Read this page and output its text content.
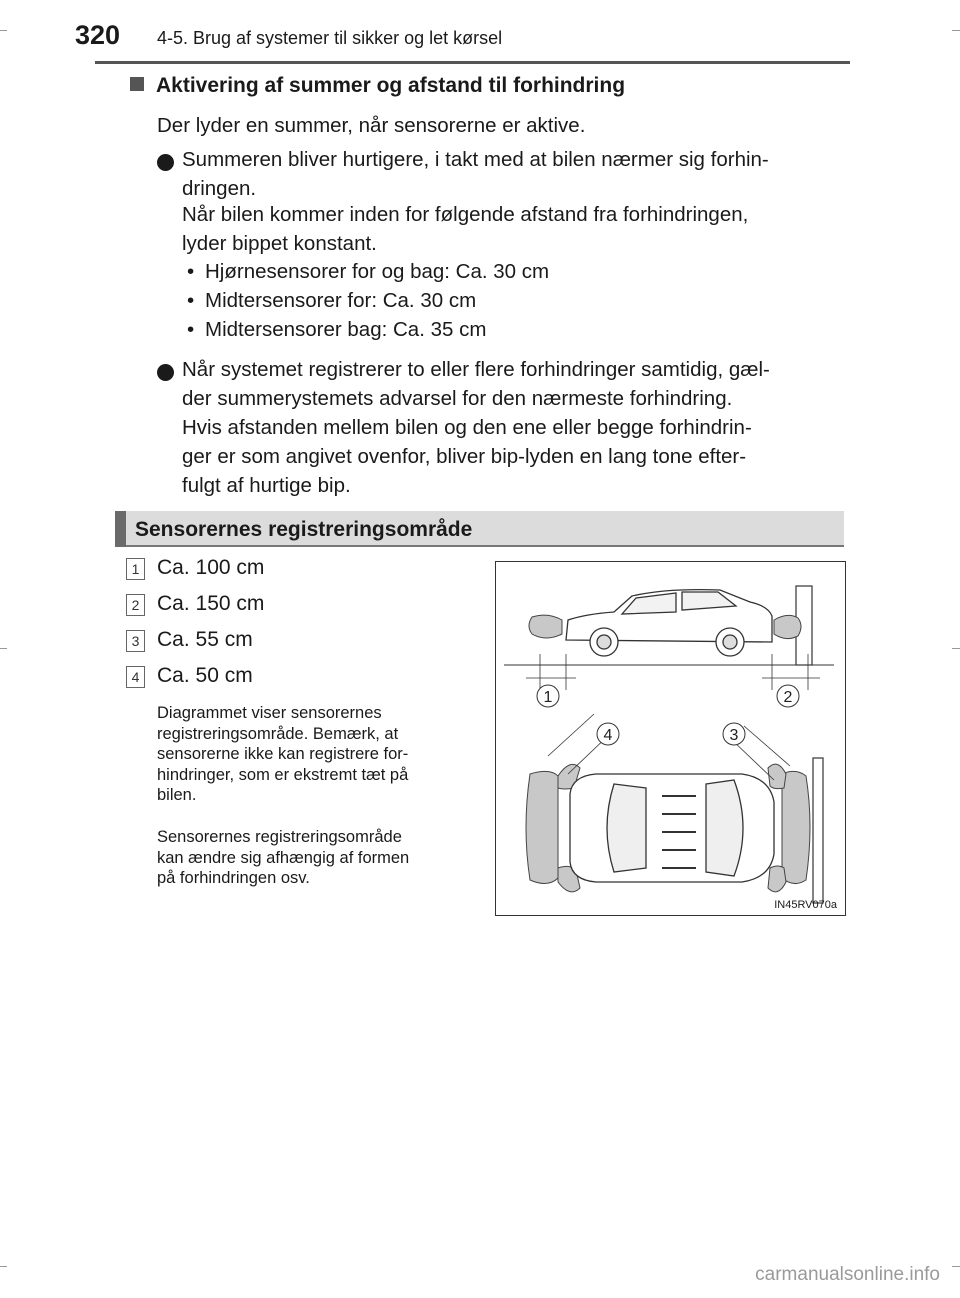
320 4-5. Brug af systemer til sikker og let kørsel
Aktivering af summer og afstand til forhindring
Der lyder en summer, når sensorerne er aktive.
Summeren bliver hurtigere, i takt med at bilen nærmer sig forhin-
dringen.
Når bilen kommer inden for følgende afstand fra forhindringen,
lyder bippet konstant.
• Hjørnesensorer for og bag: Ca. 30 cm
• Midtersensorer for: Ca. 30 cm
• Midtersensorer bag: Ca. 35 cm
Når systemet registrerer to eller flere forhindringer samtidig, gæl-
der summerystemets advarsel for den nærmeste forhindring.
Hvis afstanden mellem bilen og den ene eller begge forhindrin-
ger er som angivet ovenfor, bliver bip-lyden en lang tone efter-
fulgt af hurtige bip.
Sensorernes registreringsområde
1 Ca. 100 cm
2 Ca. 150 cm
3 Ca. 55 cm
4 Ca. 50 cm
Diagrammet viser sensorernes
registreringsområde. Bemærk, at
sensorerne ikke kan registrere for-
hindringer, som er ekstremt tæt på
bilen.
Sensorernes registreringsområde
kan ændre sig afhængig af formen
på forhindringen osv.
1	2
4	3
IN45RV070a
carmanualsonline.info
